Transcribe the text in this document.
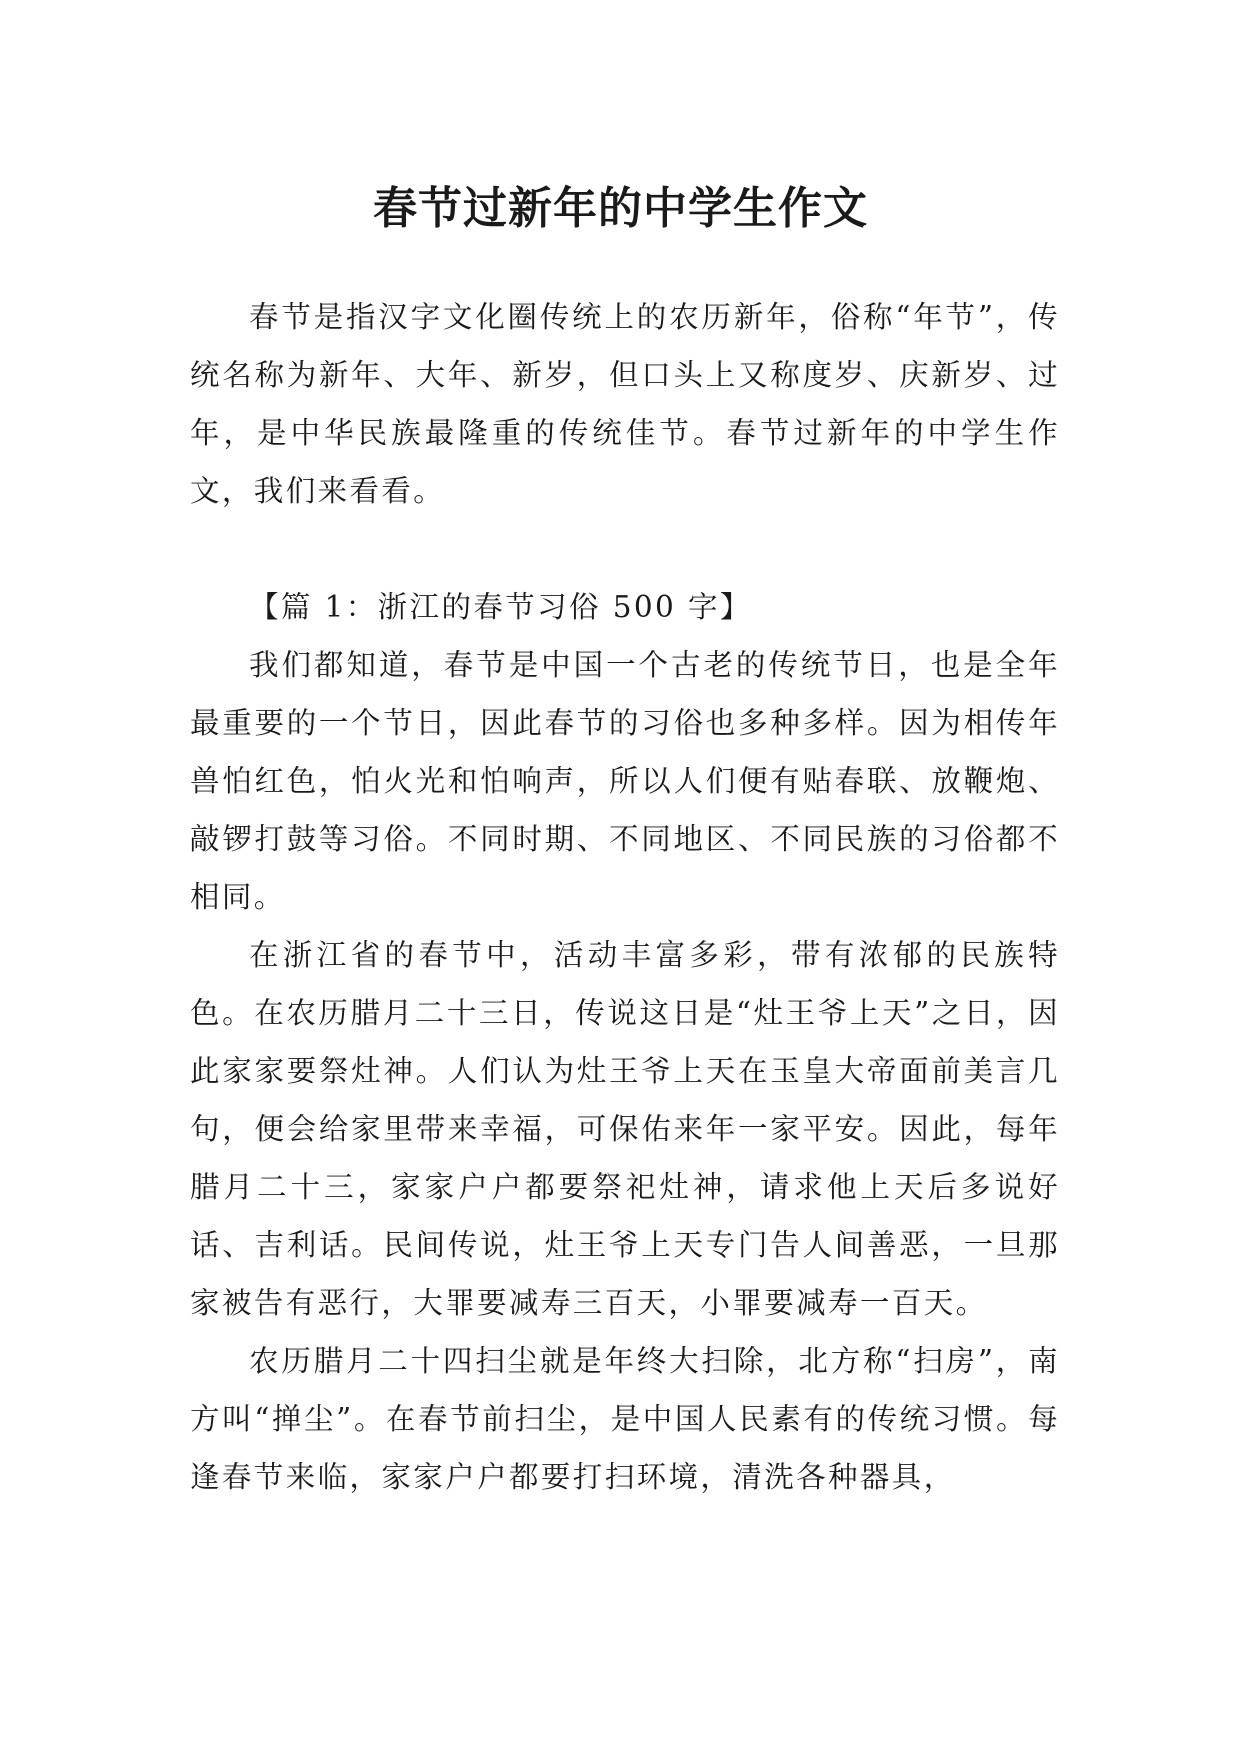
春节过新年的中学生作文

春节是指汉字文化圈传统上的农历新年，俗称“年节”，传统名称为新年、大年、新岁，但口头上又称度岁、庆新岁、过年，是中华民族最隆重的传统佳节。春节过新年的中学生作文，我们来看看。

【篇 1：浙江的春节习俗 500 字】

我们都知道，春节是中国一个古老的传统节日，也是全年最重要的一个节日，因此春节的习俗也多种多样。因为相传年兽怕红色，怕火光和怕响声，所以人们便有贴春联、放鞭炮、敲锣打鼓等习俗。不同时期、不同地区、不同民族的习俗都不相同。

在浙江省的春节中，活动丰富多彩，带有浓郁的民族特色。在农历腊月二十三日，传说这日是“灶王爷上天”之日，因此家家要祭灶神。人们认为灶王爷上天在玉皇大帝面前美言几句，便会给家里带来幸福，可保佑来年一家平安。因此，每年腊月二十三，家家户户都要祭祀灶神，请求他上天后多说好话、吉利话。民间传说，灶王爷上天专门告人间善恶，一旦那家被告有恶行，大罪要减寿三百天，小罪要减寿一百天。

农历腊月二十四扫尘就是年终大扫除，北方称“扫房”，南方叫“掸尘”。在春节前扫尘，是中国人民素有的传统习惯。每逢春节来临，家家户户都要打扫环境，清洗各种器具，
